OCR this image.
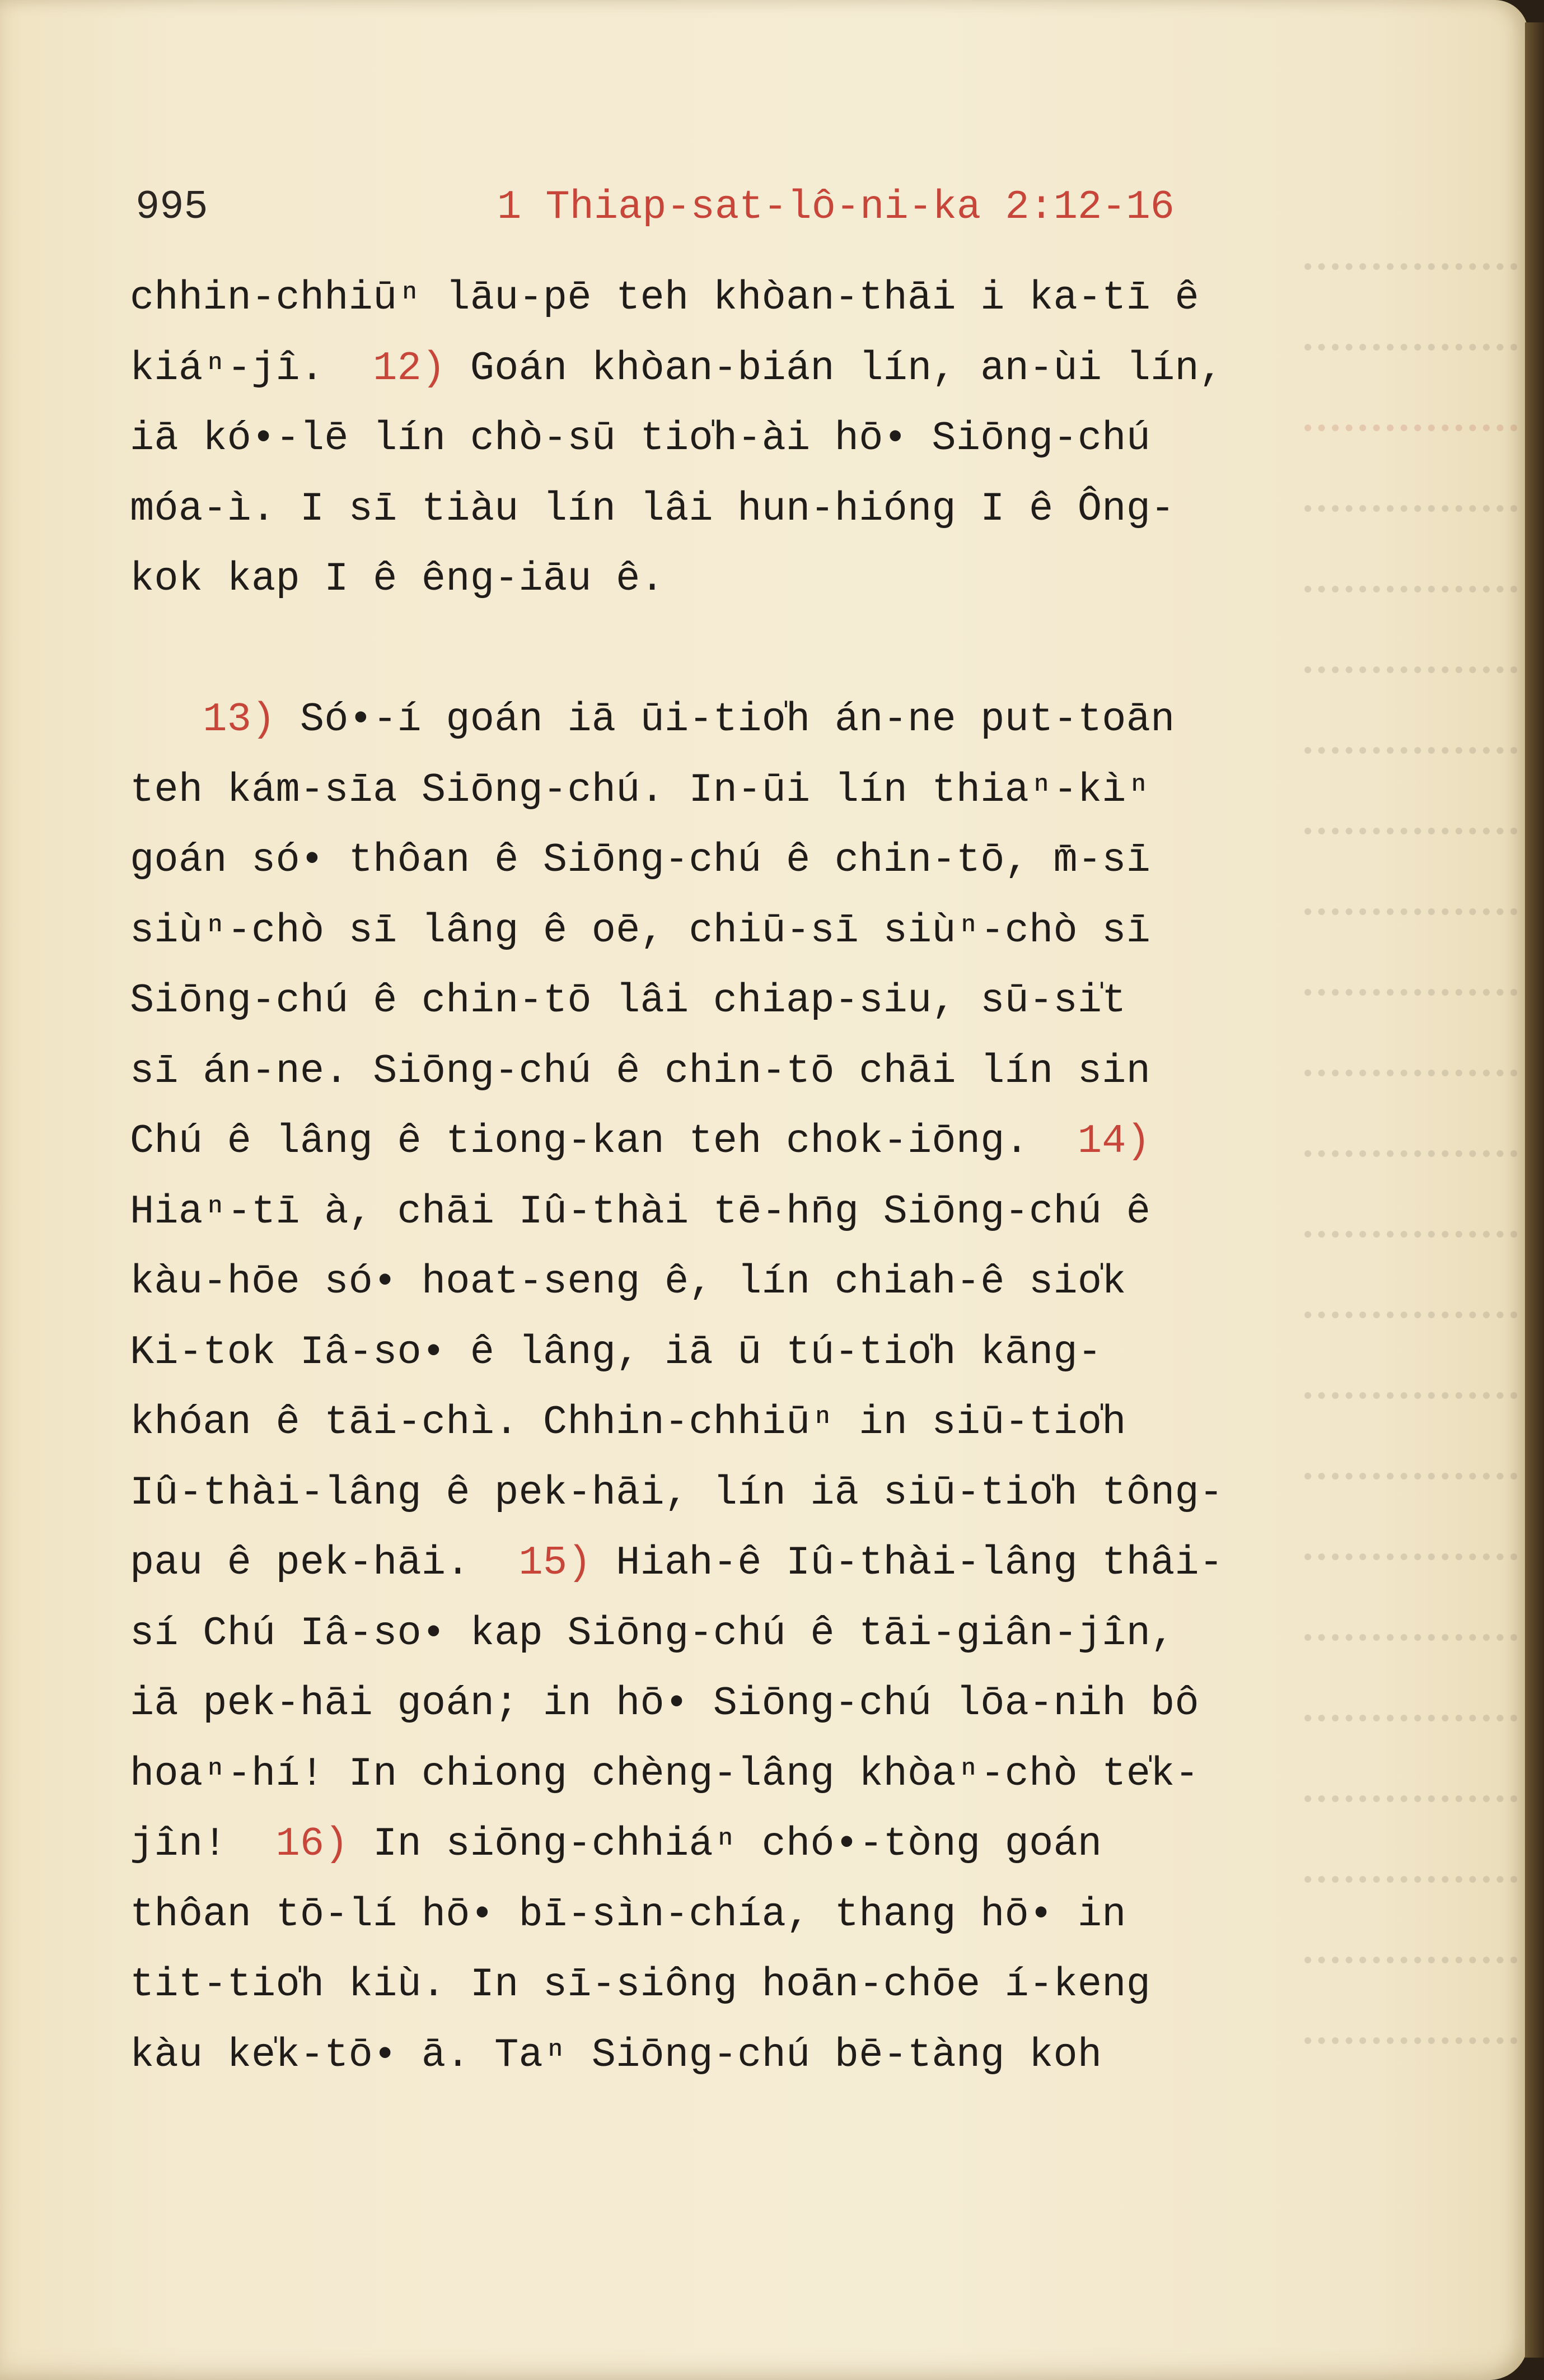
995

	1 Thiap-sat-lô-ni-ka 2:12-16

chhin-chhiūⁿ lāu-pē teh khòan-thāi i ka-tī ê
kiáⁿ-jî.  12) Goán khòan-bián lín, an-ùi lín,
iā kó•-lē lín chò-sū tio̍h-ài hō• Siōng-chú
móa-ì. I sī tiàu lín lâi hun-hióng I ê Ông-
kok kap I ê êng-iāu ê.
13) Só•-í goán iā ūi-tio̍h án-ne put-toān
teh kám-sīa Siōng-chú. In-ūi lín thiaⁿ-kìⁿ
goán só• thôan ê Siōng-chú ê chin-tō, m̄-sī
siùⁿ-chò sī lâng ê oē, chiū-sī siùⁿ-chò sī
Siōng-chú ê chin-tō lâi chiap-siu, sū-si̍t
sī án-ne. Siōng-chú ê chin-tō chāi lín sin
Chú ê lâng ê tiong-kan teh chok-iōng.  14)
Hiaⁿ-tī à, chāi Iû-thài tē-hn̄g Siōng-chú ê
kàu-hōe só• hoat-seng ê, lín chiah-ê sio̍k
Ki-tok Iâ-so• ê lâng, iā ū tú-tio̍h kāng-
khóan ê tāi-chì. Chhin-chhiūⁿ in siū-tio̍h
Iû-thài-lâng ê pek-hāi, lín iā siū-tio̍h tông-
pau ê pek-hāi.  15) Hiah-ê Iû-thài-lâng thâi-
sí Chú Iâ-so• kap Siōng-chú ê tāi-giân-jîn,
iā pek-hāi goán; in hō• Siōng-chú lōa-nih bô
hoaⁿ-hí! In chiong chèng-lâng khòaⁿ-chò te̍k-
jîn!  16) In siōng-chhiáⁿ chó•-tòng goán
thôan tō-lí hō• bī-sìn-chía, thang hō• in
tit-tio̍h kiù. In sī-siông hoān-chōe í-keng
kàu ke̍k-tō• ā. Taⁿ Siōng-chú bē-tàng koh
